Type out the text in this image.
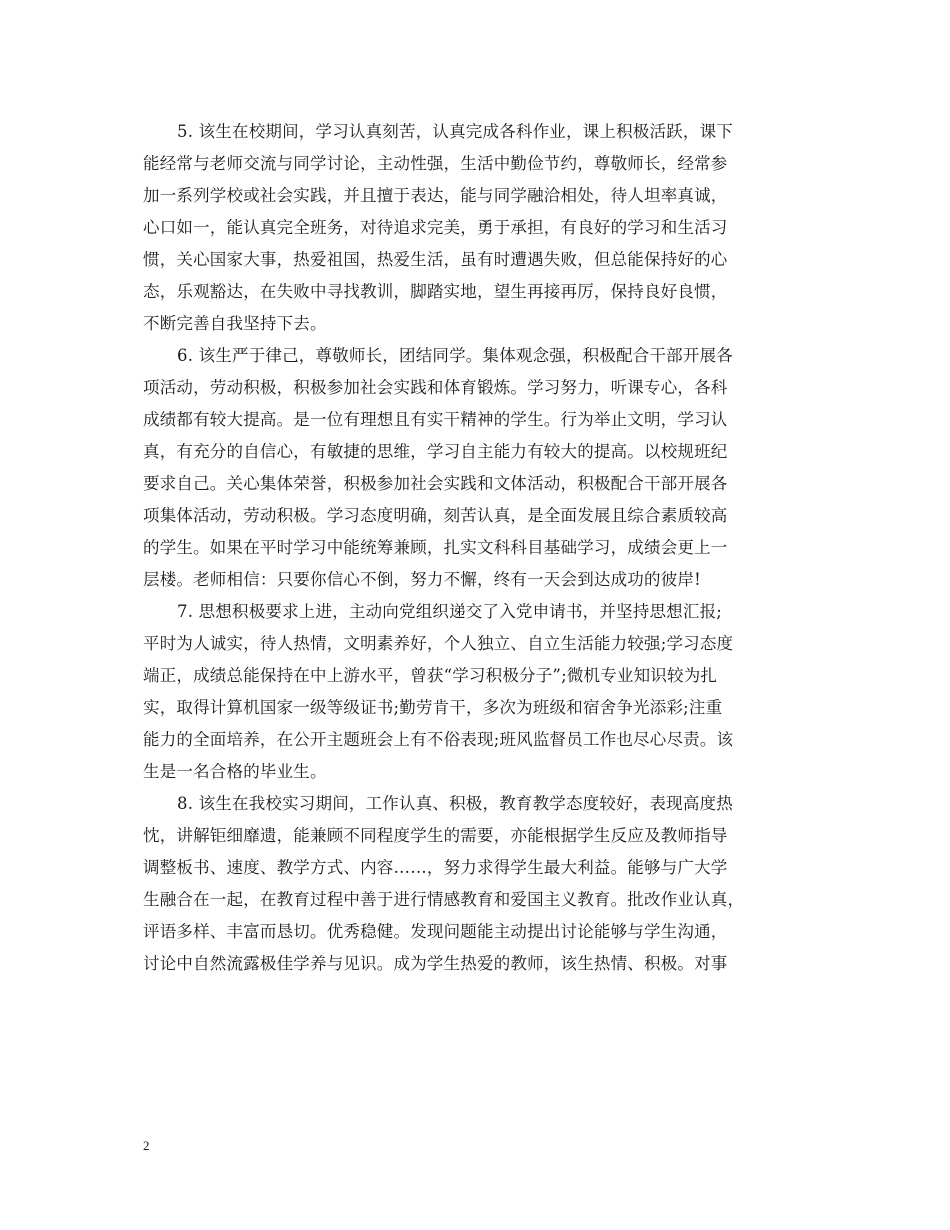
5. 该生在校期间，学习认真刻苦，认真完成各科作业，课上积极活跃，课下
能经常与老师交流与同学讨论，主动性强，生活中勤俭节约，尊敬师长，经常参
加一系列学校或社会实践，并且擅于表达，能与同学融洽相处，待人坦率真诚，
心口如一，能认真完全班务，对待追求完美，勇于承担，有良好的学习和生活习
惯，关心国家大事，热爱祖国，热爱生活，虽有时遭遇失败，但总能保持好的心
态，乐观豁达，在失败中寻找教训，脚踏实地，望生再接再厉，保持良好良惯，
不断完善自我坚持下去。
6. 该生严于律己，尊敬师长，团结同学。集体观念强，积极配合干部开展各
项活动，劳动积极，积极参加社会实践和体育锻炼。学习努力，听课专心，各科
成绩都有较大提高。是一位有理想且有实干精神的学生。行为举止文明，学习认
真，有充分的自信心，有敏捷的思维，学习自主能力有较大的提高。以校规班纪
要求自己。关心集体荣誉，积极参加社会实践和文体活动，积极配合干部开展各
项集体活动，劳动积极。学习态度明确，刻苦认真，是全面发展且综合素质较高
的学生。如果在平时学习中能统筹兼顾，扎实文科科目基础学习，成绩会更上一
层楼。老师相信：只要你信心不倒，努力不懈，终有一天会到达成功的彼岸!
7. 思想积极要求上进，主动向党组织递交了入党申请书，并坚持思想汇报;
平时为人诚实，待人热情，文明素养好，个人独立、自立生活能力较强;学习态度
端正，成绩总能保持在中上游水平，曾获“学习积极分子”;微机专业知识较为扎
实，取得计算机国家一级等级证书;勤劳肯干，多次为班级和宿舍争光添彩;注重
能力的全面培养，在公开主题班会上有不俗表现;班风监督员工作也尽心尽责。该
生是一名合格的毕业生。
8. 该生在我校实习期间，工作认真、积极，教育教学态度较好，表现高度热
忱，讲解钜细靡遗，能兼顾不同程度学生的需要，亦能根据学生反应及教师指导
调整板书、速度、教学方式、内容……，努力求得学生最大利益。能够与广大学
生融合在一起，在教育过程中善于进行情感教育和爱国主义教育。批改作业认真，
评语多样、丰富而恳切。优秀稳健。发现问题能主动提出讨论能够与学生沟通，
讨论中自然流露极佳学养与见识。成为学生热爱的教师，该生热情、积极。对事
2
